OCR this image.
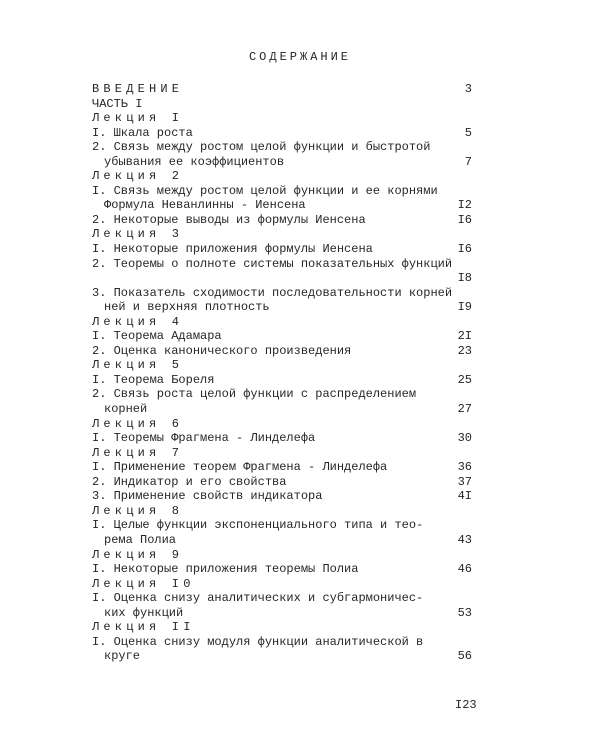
СОДЕРЖАНИЕ
ВВЕДЕНИЕ	3
ЧАСТЬ I
Лекция I
I. Шкала роста	5
2. Связь между ростом целой функции и быстротой
убывания ее коэффициентов	7
Лекция 2
I. Связь между ростом целой функции и ее корнями
Формула Неванлинны - Иенсена	I2
2. Некоторые выводы из формулы Иенсена	I6
Лекция 3
I. Некоторые приложения формулы Иенсена	I6
2. Теоремы о полноте системы показательных функций
I8
3. Показатель сходимости последовательности корней
ней и верхняя плотность	I9
Лекция 4
I. Теорема Адамара	2I
2. Оценка канонического произведения	23
Лекция 5
I. Теорема Бореля	25
2. Связь роста целой функции с распределением
корней	27
Лекция 6
I. Теоремы Фрагмена - Линделефа	30
Лекция 7
I. Применение теорем Фрагмена - Линделефа	36
2. Индикатор и его свойства	37
3. Применение свойств индикатора	4I
Лекция 8
I. Целые функции экспоненциального типа и тео-
рема Полиа	43
Лекция 9
I. Некоторые приложения теоремы Полиа	46
Лекция I0
I. Оценка снизу аналитических и субгармоничес-
ких функций	53
Лекция II
I. Оценка снизу модуля функции аналитической в
круге	56
I23
